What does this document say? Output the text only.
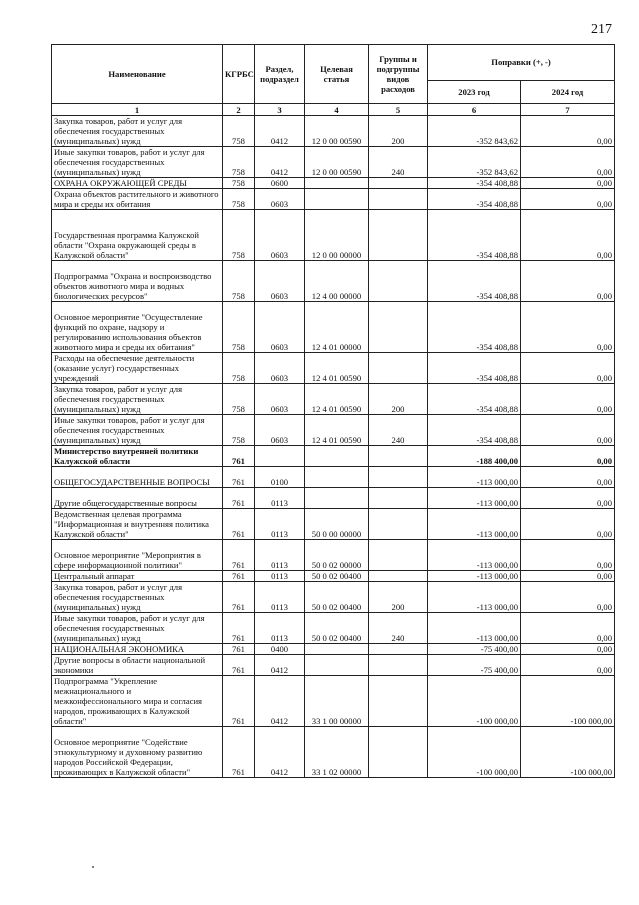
217
Наименование	КГРБС	Раздел, подраздел	Целевая статья	Группы и подгруппы видов расходов	Поправки (+, -)	
					2023 год	2024 год
1	2	3	4	5	6	7
Закупка товаров, работ и услуг для обеспечения государственных (муниципальных) нужд	758	0412	12 0 00 00590	200	-352 843,62	0,00
Иные закупки товаров, работ и услуг для обеспечения государственных (муниципальных) нужд	758	0412	12 0 00 00590	240	-352 843,62	0,00
ОХРАНА ОКРУЖАЮЩЕЙ СРЕДЫ	758	0600			-354 408,88	0,00
Охрана объектов растительного и животного мира и среды их обитания	758	0603			-354 408,88	0,00
Государственная программа Калужской области "Охрана окружающей среды в Калужской области"	758	0603	12 0 00 00000		-354 408,88	0,00
Подпрограмма "Охрана и воспроизводство объектов животного мира и водных биологических ресурсов"	758	0603	12 4 00 00000		-354 408,88	0,00
Основное мероприятие "Осуществление функций по охране, надзору и регулированию использования объектов животного мира и среды их обитания"	758	0603	12 4 01 00000		-354 408,88	0,00
Расходы на обеспечение деятельности (оказание услуг) государственных учреждений	758	0603	12 4 01 00590		-354 408,88	0,00
Закупка товаров, работ и услуг для обеспечения государственных (муниципальных) нужд	758	0603	12 4 01 00590	200	-354 408,88	0,00
Иные закупки товаров, работ и услуг для обеспечения государственных (муниципальных) нужд	758	0603	12 4 01 00590	240	-354 408,88	0,00
Министерство внутренней политики Калужской области	761				-188 400,00	0,00
ОБЩЕГОСУДАРСТВЕННЫЕ ВОПРОСЫ	761	0100			-113 000,00	0,00
Другие общегосударственные вопросы	761	0113			-113 000,00	0,00
Ведомственная целевая программа "Информационная и внутренняя политика Калужской области"	761	0113	50 0 00 00000		-113 000,00	0,00
Основное мероприятие "Мероприятия в сфере информационной политики"	761	0113	50 0 02 00000		-113 000,00	0,00
Центральный аппарат	761	0113	50 0 02 00400		-113 000,00	0,00
Закупка товаров, работ и услуг для обеспечения государственных (муниципальных) нужд	761	0113	50 0 02 00400	200	-113 000,00	0,00
Иные закупки товаров, работ и услуг для обеспечения государственных (муниципальных) нужд	761	0113	50 0 02 00400	240	-113 000,00	0,00
НАЦИОНАЛЬНАЯ ЭКОНОМИКА	761	0400			-75 400,00	0,00
Другие вопросы в области национальной экономики	761	0412			-75 400,00	0,00
Подпрограмма "Укрепление межнационального и межконфессионального мира и согласия народов, проживающих в Калужской области"	761	0412	33 1 00 00000		-100 000,00	-100 000,00
Основное мероприятие "Содействие этнокультурному и духовному развитию народов Российской Федерации, проживающих в Калужской области"	761	0412	33 1 02 00000		-100 000,00	-100 000,00
